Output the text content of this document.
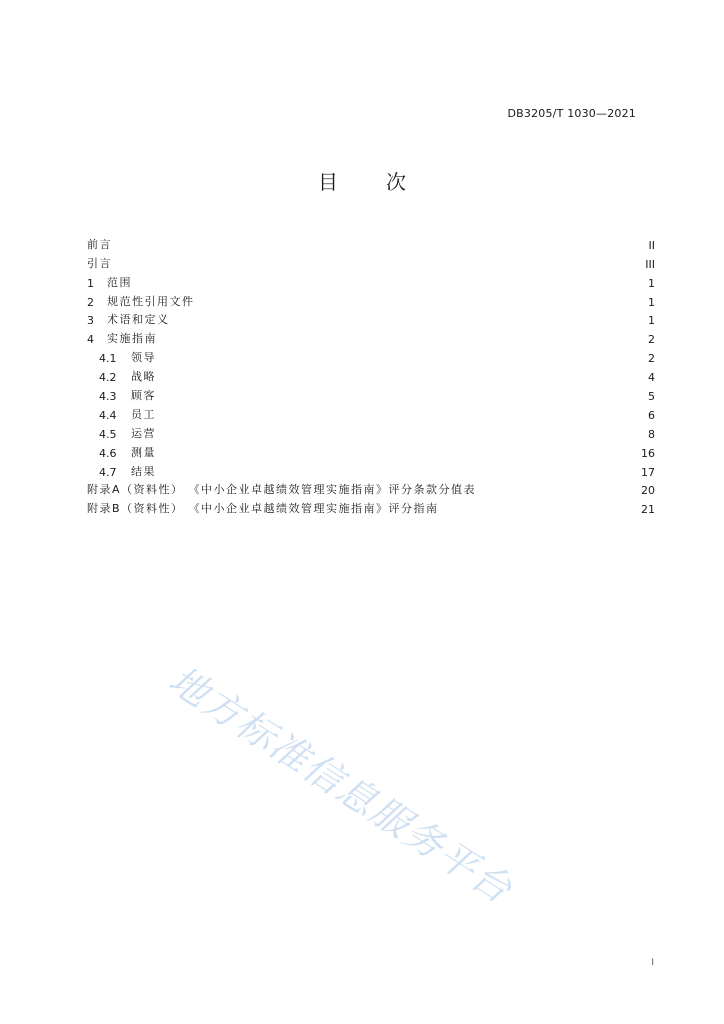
DB3205/T 1030—2021
目 次
前言	II
引言	III
1	范围	1
2	规范性引用文件	1
3	术语和定义	1
4	实施指南	2
4.1	领导	2
4.2	战略	4
4.3	顾客	5
4.4	员工	6
4.5	运营	8
4.6	测量	16
4.7	结果	17
附录A（资料性） 《中小企业卓越绩效管理实施指南》评分条款分值表	20
附录B（资料性） 《中小企业卓越绩效管理实施指南》评分指南	21
地方标准信息服务平台
I
